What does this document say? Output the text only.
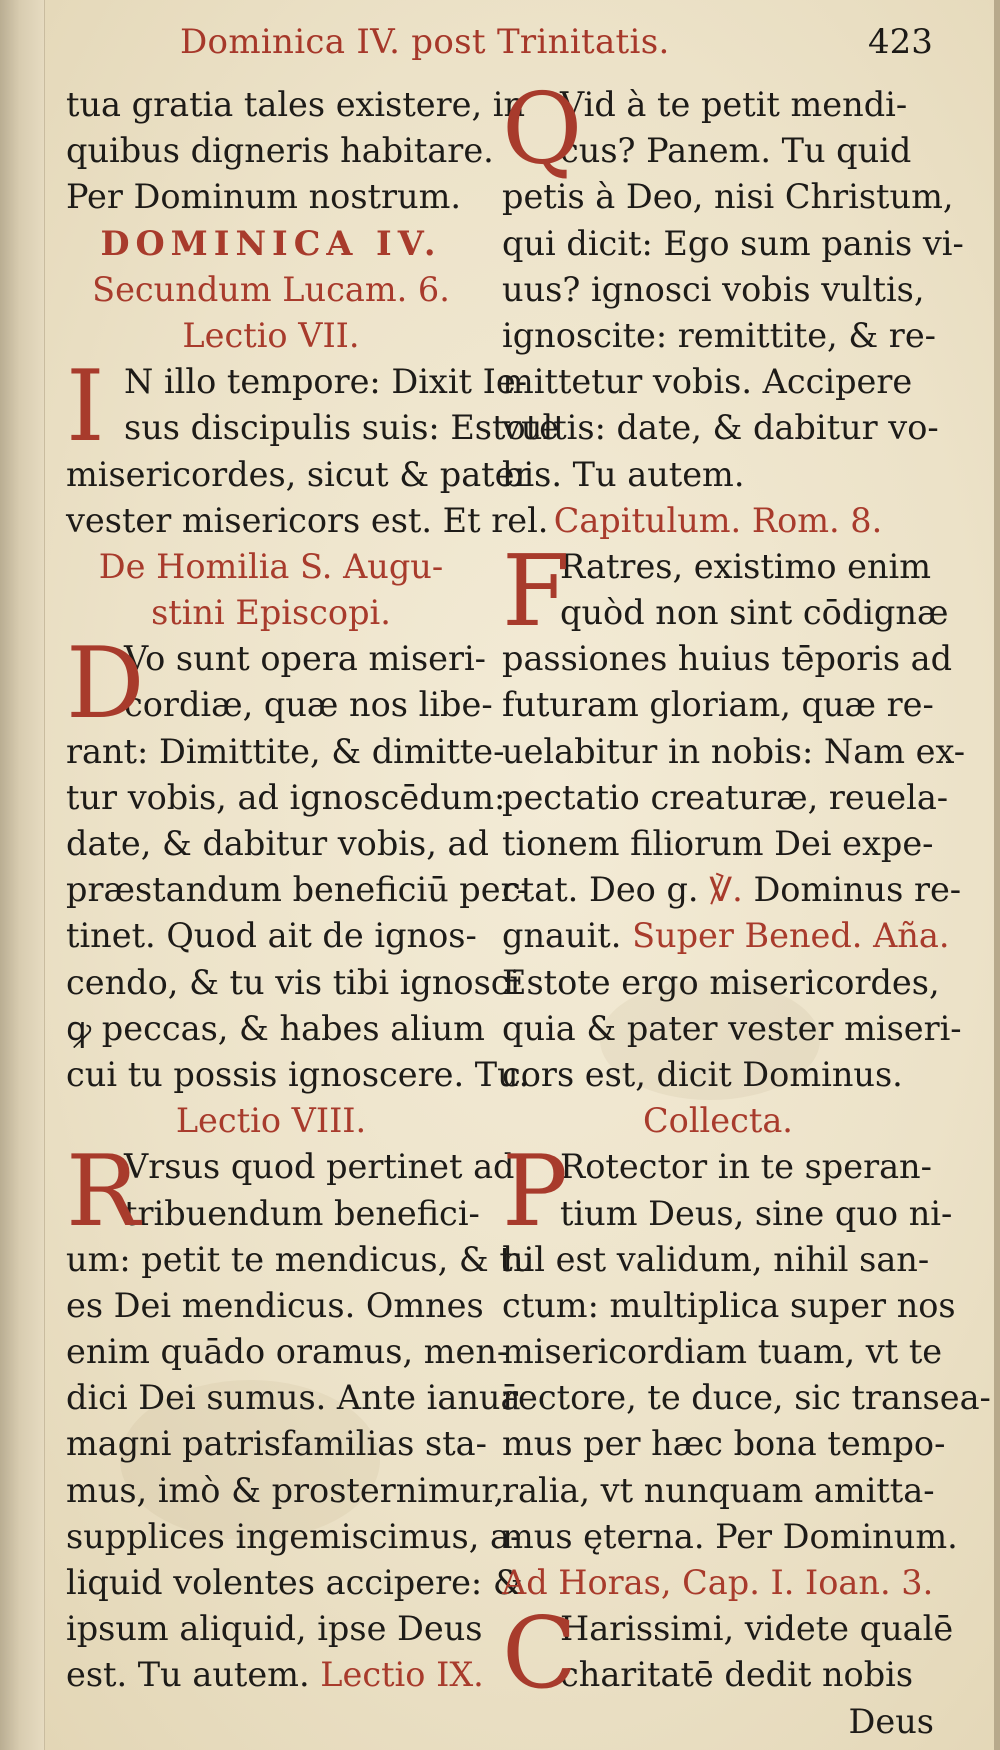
Dominica IV. post Trinitatis.	423
tua gratia tales existere, in
quibus digneris habitare.
Per Dominum nostrum.
DOMINICA IV.
Secundum Lucam. 6.
Lectio VII.
I N illo tempore: Dixit Ie-
sus discipulis suis: Estote
misericordes, sicut & pater
vester misericors est. Et rel.
De Homilia S. Augu-
stini Episcopi.
D
Vo sunt opera miseri-
cordiæ, quæ nos libe-
rant: Dimittite, & dimitte-
tur vobis, ad ignoscēdum:
date, & dabitur vobis, ad
præstandum beneficiū per-
tinet. Quod ait de ignos-
cendo, & tu vis tibi ignosci
ꝙ peccas, & habes alium
cui tu possis ignoscere. Tu.
Lectio VIII.
R
Vrsus quod pertinet ad
tribuendum benefici-
um: petit te mendicus, & tu
es Dei mendicus. Omnes
enim quādo oramus, men-
dici Dei sumus. Ante ianuā
magni patrisfamilias sta-
mus, imò & prosternimur,
supplices ingemiscimus, a-
liquid volentes accipere: &
ipsum aliquid, ipse Deus
est. Tu autem. Lectio IX.
Q
Vid à te petit mendi-
cus? Panem. Tu quid
petis à Deo, nisi Christum,
qui dicit: Ego sum panis vi-
uus? ignosci vobis vultis,
ignoscite: remittite, & re-
mittetur vobis. Accipere
vultis: date, & dabitur vo-
bis. Tu autem.
Capitulum. Rom. 8.
F
Ratres, existimo enim
quòd non sint cōdignæ
passiones huius tēporis ad
futuram gloriam, quæ re-
uelabitur in nobis: Nam ex-
pectatio creaturæ, reuela-
tionem filiorum Dei expe-
ctat. Deo g. ℣. Dominus re-
gnauit. Super Bened. Aña.
Estote ergo misericordes,
quia & pater vester miseri-
cors est, dicit Dominus.
Collecta.
P
Rotector in te speran-
tium Deus, sine quo ni-
hil est validum, nihil san-
ctum: multiplica super nos
misericordiam tuam, vt te
rectore, te duce, sic transea-
mus per hæc bona tempo-
ralia, vt nunquam amitta-
mus ęterna. Per Dominum.
Ad Horas, Cap. I. Ioan. 3.
C
Harissimi, videte qualē
charitatē dedit nobis
Deus
